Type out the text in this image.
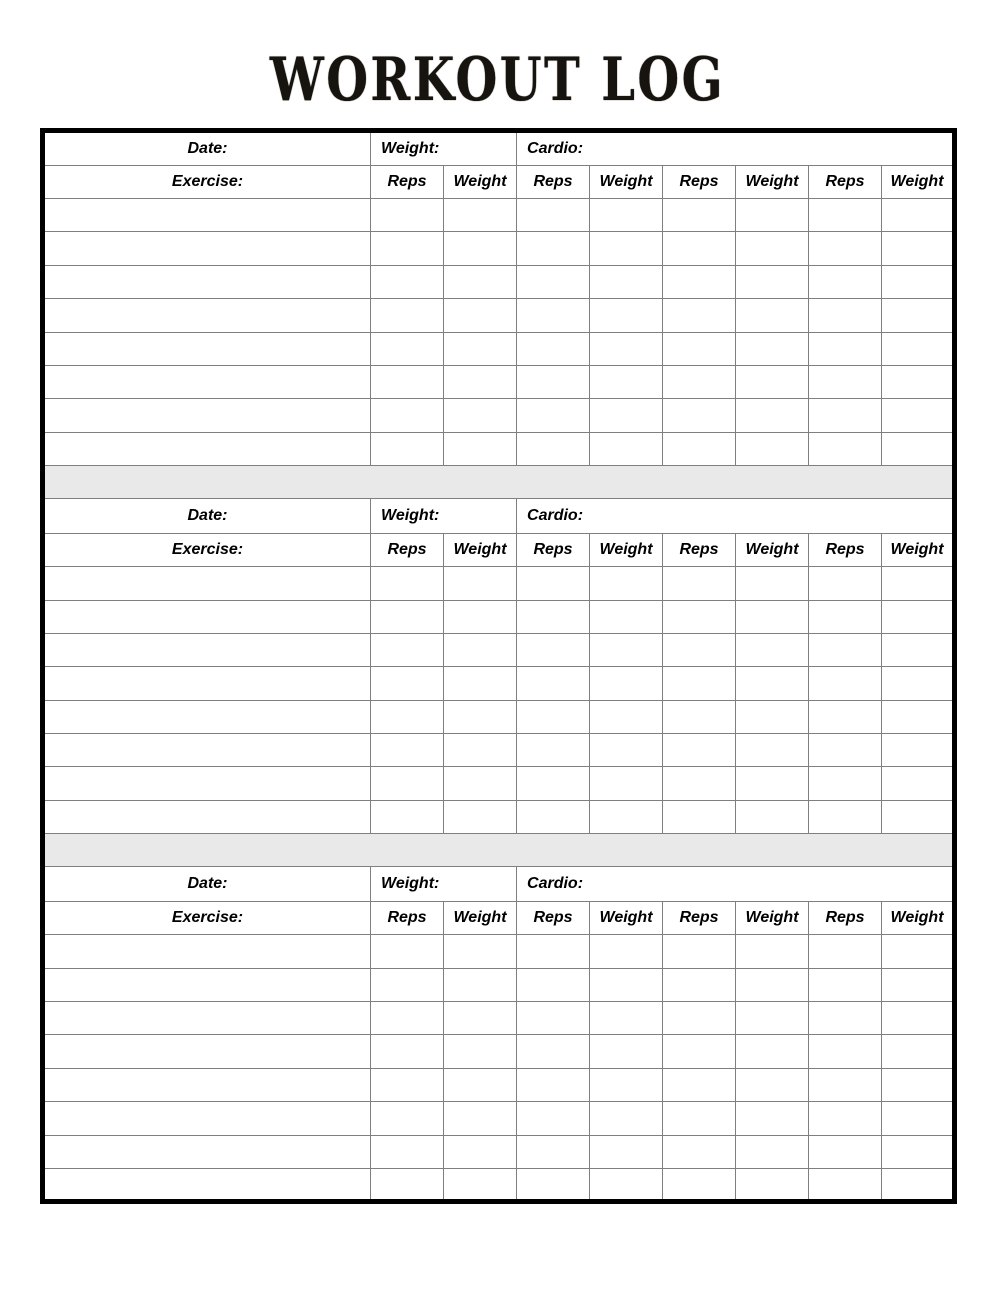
WORKOUT LOG
Date:	Weight:		Cardio:					
Exercise:	Reps	Weight	Reps	Weight	Reps	Weight	Reps	Weight

Date:	Weight:		Cardio:					
Exercise:	Reps	Weight	Reps	Weight	Reps	Weight	Reps	Weight

Date:	Weight:		Cardio:					
Exercise:	Reps	Weight	Reps	Weight	Reps	Weight	Reps	Weight
